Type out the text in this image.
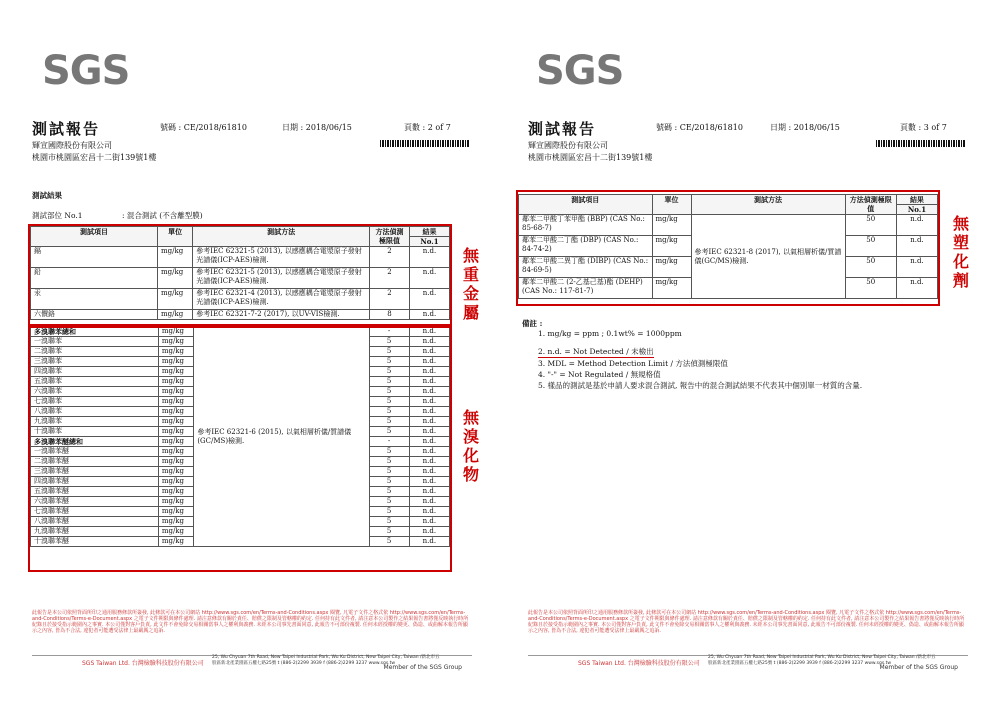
SGS
測試報告	號碼 : CE/2018/61810	日期 : 2018/06/15	頁數 : 2 of 7
輝宣國際股份有限公司
桃園市桃園區宏昌十二街139號1樓
測試結果
測試部位 No.1	: 混合測試 (不含離型膜)
測試項目	單位	測試方法	方法偵測極限值	結果
				No.1
鎘	mg/kg	參考IEC 62321-5 (2013), 以感應耦合電漿原子發射光譜儀(ICP-AES)檢測.	2	n.d.
鉛	mg/kg	參考IEC 62321-5 (2013), 以感應耦合電漿原子發射光譜儀(ICP-AES)檢測.	2	n.d.
汞	mg/kg	參考IEC 62321-4 (2013), 以感應耦合電漿原子發射光譜儀(ICP-AES)檢測.	2	n.d.
六價鉻	mg/kg	參考IEC 62321-7-2 (2017), 以UV-VIS檢測.	8	n.d.
多溴聯苯總和	mg/kg	參考IEC 62321-6 (2015), 以氣相層析儀/質譜儀(GC/MS)檢測.	-	n.d.
一溴聯苯	mg/kg		5	n.d.
二溴聯苯	mg/kg		5	n.d.
三溴聯苯	mg/kg		5	n.d.
四溴聯苯	mg/kg		5	n.d.
五溴聯苯	mg/kg		5	n.d.
六溴聯苯	mg/kg		5	n.d.
七溴聯苯	mg/kg		5	n.d.
八溴聯苯	mg/kg		5	n.d.
九溴聯苯	mg/kg		5	n.d.
十溴聯苯	mg/kg		5	n.d.
多溴聯苯醚總和	mg/kg		-	n.d.
一溴聯苯醚	mg/kg		5	n.d.
二溴聯苯醚	mg/kg		5	n.d.
三溴聯苯醚	mg/kg		5	n.d.
四溴聯苯醚	mg/kg		5	n.d.
五溴聯苯醚	mg/kg		5	n.d.
六溴聯苯醚	mg/kg		5	n.d.
七溴聯苯醚	mg/kg		5	n.d.
八溴聯苯醚	mg/kg		5	n.d.
九溴聯苯醚	mg/kg		5	n.d.
十溴聯苯醚	mg/kg		5	n.d.
無重金屬
無溴化物
此報告是本公司依照背面所印之通用服務條款所簽發, 此條款可在本公司網站 http://www.sgs.com/en/Terms-and-Conditions.aspx 閱覽, 凡電子文件之格式依 http://www.sgs.com/en/Terms-and-Conditions/Terms-e-Document.aspx 之電子文件期限與條件處理. 請注意條款有關於責任、賠償之限制及管轄權的約定. 任何持有此文件者, 請注意本公司製作之結果報告書將僅反映執行時所紀錄且於接受指示範圍內之事實. 本公司僅對客戶負責, 此文件不會免除交易相關當事人之權利與義務. 未經本公司事先書面同意, 此報告不可部份複製. 任何未經授權的變更、偽造、或曲解本報告所顯示之內容, 皆為不合法, 違犯者可能遭受法律上最嚴厲之追訴.
SGS Taiwan Ltd. 台灣檢驗科技股份有限公司
25, Wu Chyuan 7th Road, New Taipei Industrial Park, Wu Ku District, New Taipei City, Taiwan /新北市五股區新北產業園區五權七路25號 t (886-2)2299 3939 f (886-2)2299 3237 www.sgs.tw
Member of the SGS Group
SGS
測試報告	號碼 : CE/2018/61810	日期 : 2018/06/15	頁數 : 3 of 7
輝宣國際股份有限公司
桃園市桃園區宏昌十二街139號1樓
測試項目	單位	測試方法	方法偵測極限值	結果
				No.1
鄰苯二甲酸丁苯甲酯 (BBP) (CAS No.: 85-68-7)	mg/kg	參考IEC 62321-8 (2017), 以氣相層析儀/質譜儀(GC/MS)檢測.	50	n.d.
鄰苯二甲酸二丁酯 (DBP) (CAS No.: 84-74-2)	mg/kg		50	n.d.
鄰苯二甲酸二異丁酯 (DIBP) (CAS No.: 84-69-5)	mg/kg		50	n.d.
鄰苯二甲酸二 (2-乙基己基)酯 (DEHP) (CAS No.: 117-81-7)	mg/kg		50	n.d.
無塑化劑
備註 :
1. mg/kg = ppm ; 0.1wt% = 1000ppm
2. n.d. = Not Detected / 未檢出
3. MDL = Method Detection Limit / 方法偵測極限值
4. "-" = Not Regulated / 無規格值
5. 樣品的測試是基於申請人要求混合測試, 報告中的混合測試結果不代表其中個別單一材質的含量.
此報告是本公司依照背面所印之通用服務條款所簽發, 此條款可在本公司網站 http://www.sgs.com/en/Terms-and-Conditions.aspx 閱覽, 凡電子文件之格式依 http://www.sgs.com/en/Terms-and-Conditions/Terms-e-Document.aspx 之電子文件期限與條件處理. 請注意條款有關於責任、賠償之限制及管轄權的約定. 任何持有此文件者, 請注意本公司製作之結果報告書將僅反映執行時所紀錄且於接受指示範圍內之事實. 本公司僅對客戶負責, 此文件不會免除交易相關當事人之權利與義務. 未經本公司事先書面同意, 此報告不可部份複製. 任何未經授權的變更、偽造、或曲解本報告所顯示之內容, 皆為不合法, 違犯者可能遭受法律上最嚴厲之追訴.
SGS Taiwan Ltd. 台灣檢驗科技股份有限公司
25, Wu Chyuan 7th Road, New Taipei Industrial Park, Wu Ku District, New Taipei City, Taiwan /新北市五股區新北產業園區五權七路25號 t (886-2)2299 3939 f (886-2)2299 3237 www.sgs.tw
Member of the SGS Group
